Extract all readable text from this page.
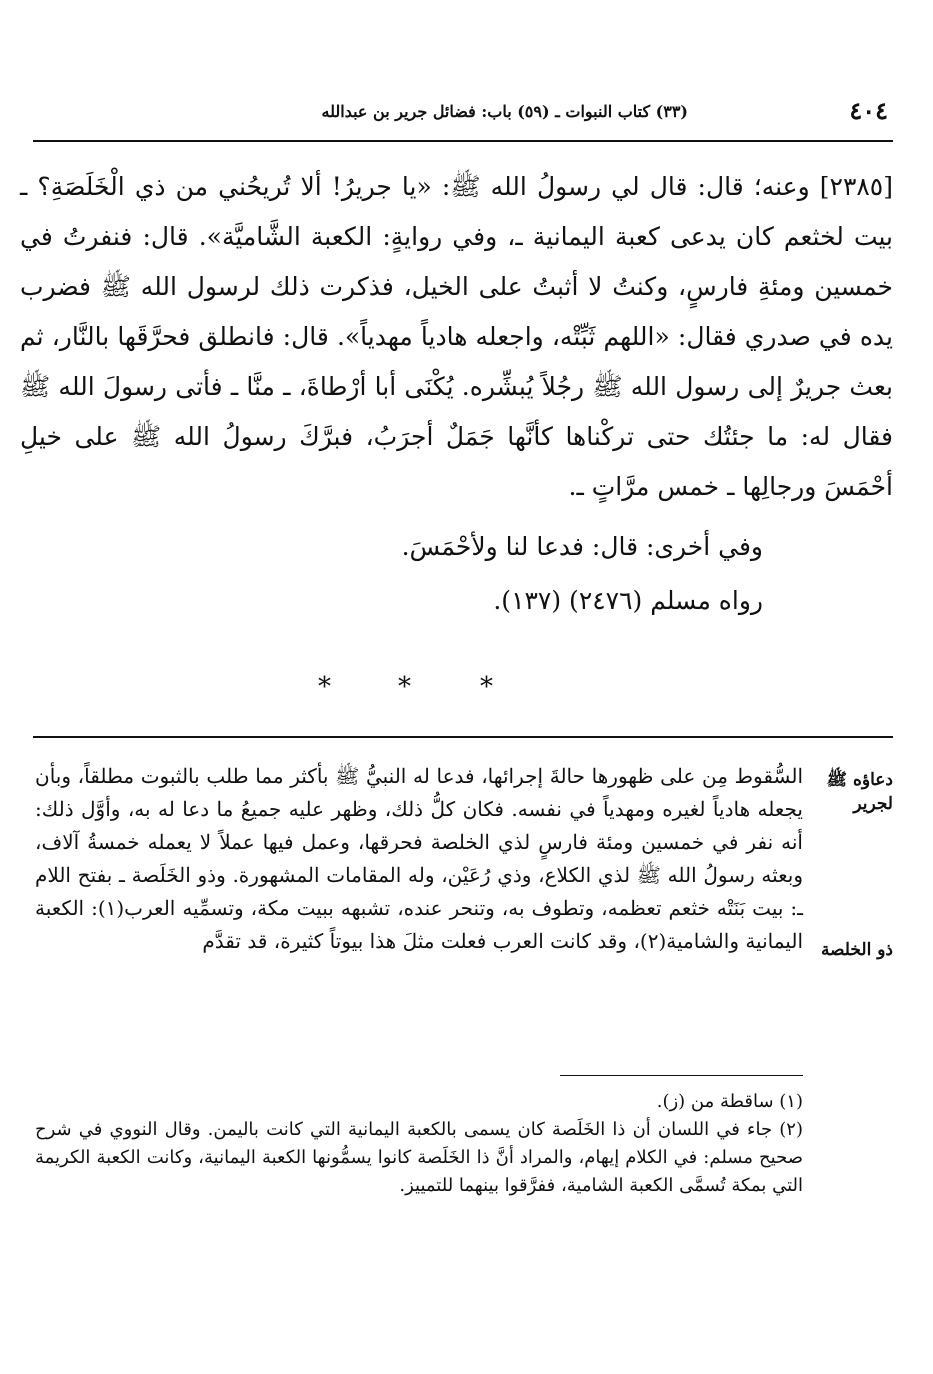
٤٠٤
(٣٣) كتاب النبوات ـ (٥٩) باب: فضائل جرير بن عبدالله

[٢٣٨٥] وعنه؛ قال: قال لي رسولُ الله ﷺ: «يا جريرُ! ألا تُريحُني من ذي الْخَلَصَةِ؟ ـ بيت لخثعم كان يدعى كعبة اليمانية ـ، وفي روايةٍ: الكعبة الشَّاميَّة». قال: فنفرتُ في خمسين ومئةِ فارسٍ، وكنتُ لا أثبتُ على الخيل، فذكرت ذلك لرسول الله ﷺ فضرب يده في صدري فقال: «اللهم ثَبِّتْه، واجعله هادياً مهدياً». قال: فانطلق فحرَّقَها بالنَّار، ثم بعث جريرٌ إلى رسول الله ﷺ رجُلاً يُبشِّره. يُكْنَى أبا أرْطاةَ، ـ منَّا ـ فأتى رسولَ الله ﷺ فقال له: ما جئتُك حتى تركْناها كأنَّها جَمَلٌ أجرَبُ، فبرَّكَ رسولُ الله ﷺ على خيلِ أحْمَسَ ورجالِها ـ خمس مرَّاتٍ ـ.

وفي أخرى: قال: فدعا لنا ولأحْمَسَ.

رواه مسلم (٢٤٧٦) (١٣٧).

*	*	*
دعاؤه ﷺ لجرير
ذو الخلصة

السُّقوط مِن على ظهورها حالةَ إجرائها، فدعا له النبيُّ ﷺ بأكثر مما طلب بالثبوت مطلقاً، وبأن يجعله هادياً لغيره ومهدياً في نفسه. فكان كلُّ ذلك، وظهر عليه جميعُ ما دعا له به، وأوَّل ذلك: أنه نفر في خمسين ومئة فارسٍ لذي الخلصة فحرقها، وعمل فيها عملاً لا يعمله خمسةُ آلاف، وبعثه رسولُ الله ﷺ لذي الكلاع، وذي رُعَيْن، وله المقامات المشهورة. وذو الخَلَصة ـ بفتح اللام ـ: بيت بَنَتْه خثعم تعظمه، وتطوف به، وتنحر عنده، تشبهه ببيت مكة، وتسمِّيه العرب(١): الكعبة اليمانية والشامية(٢)، وقد كانت العرب فعلت مثلَ هذا بيوتاً كثيرة، قد تقدَّم

(١) ساقطة من (ز).

(٢) جاء في اللسان أن ذا الخَلَصة كان يسمى بالكعبة اليمانية التي كانت باليمن. وقال النووي في شرح صحيح مسلم: في الكلام إيهام، والمراد أنَّ ذا الخَلَصة كانوا يسمُّونها الكعبة اليمانية، وكانت الكعبة الكريمة التي بمكة تُسمَّى الكعبة الشامية، ففرَّقوا بينهما للتمييز.
